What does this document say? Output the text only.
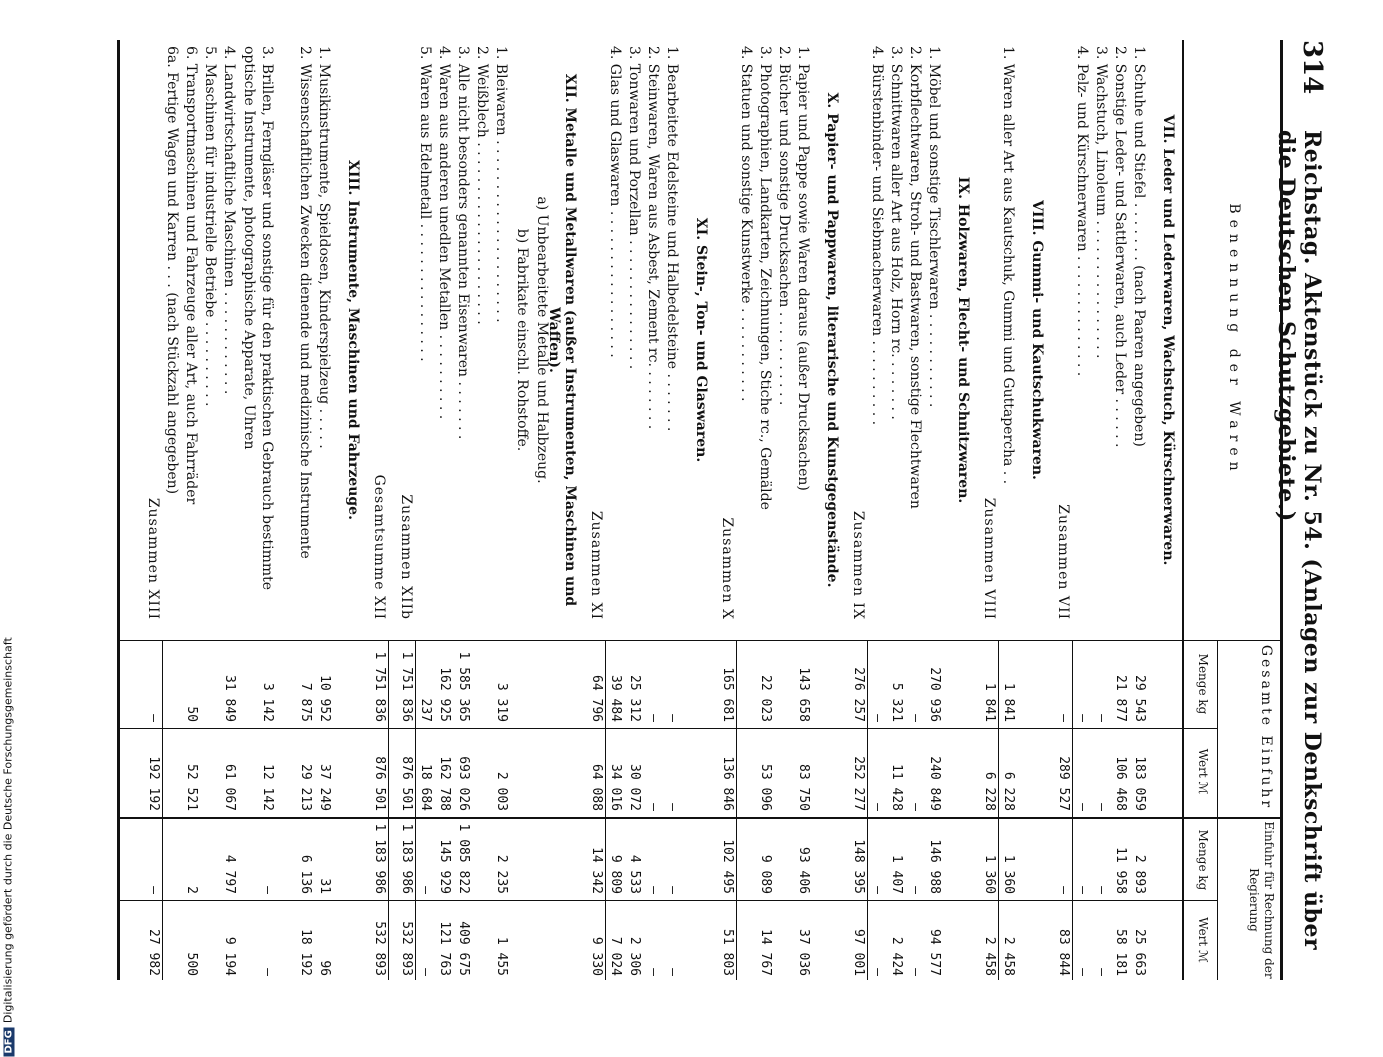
DFGDigitalisierung gefördert durch die Deutsche Forschungsgemeinschaft
314
Reichstag. Aktenstück zu Nr. 54. (Anlagen zur Denkschrift über die Deutschen Schutzgebiete.)
Benennung der Waren
Gesamte Einfuhr
Menge kg
Wert ℳ
Einfuhr für Rechnung der Regierung
Menge kg
Wert ℳ
VII. Leder und Lederwaren, Wachstuch, Kürschnerwaren.
1. Schuhe und Stiefel . . . . . . . (nach Paaren angegeben)
29 543
183 059
2 893
25 663
2. Sonstige Leder- und Sattlerwaren, auch Leder . . . . . .
21 877
106 468
11 958
58 181
3. Wachstuch, Linoleum . . . . . . . . . . . . . . . .
—
—
—
—
4. Pelz- und Kürschnerwaren . . . . . . . . . . . . . .
—
—
—
—
Zusammen VII
—
289 527
—
83 844
VIII. Gummi- und Kautschukwaren.
1. Waren aller Art aus Kautschuk, Gummi und Guttapercha . .
1 841
6 228
1 360
2 458
Zusammen VIII
1 841
6 228
1 360
2 458
IX. Holzwaren, Flecht- und Schnitzwaren.
1. Möbel und sonstige Tischlerwaren . . . . . . . . . . .
270 936
240 849
146 988
94 577
2. Korbflechtwaren, Stroh- und Bastwaren, sonstige Flechtwaren
—
—
—
—
3. Schnittwaren aller Art aus Holz, Horn rc. . . . . . . .
5 321
11 428
1 407
2 424
4. Bürstenbinder- und Siebmacherwaren . . . . . . . . . .
—
—
—
—
Zusammen IX
276 257
252 277
148 395
97 001
X. Papier- und Pappwaren, literarische und Kunstgegenstände.
1. Papier und Pappe sowie Waren daraus (außer Drucksachen)
143 658
83 750
93 406
37 036
2. Bücher und sonstige Drucksachen . . . . . . . . . . .
3. Photographien, Landkarten, Zeichnungen, Stiche rc., Gemälde
22 023
53 096
9 089
14 767
4. Statuen und sonstige Kunstwerke . . . . . . . . . . .
Zusammen X
165 681
136 846
102 495
51 803
XI. Stein-, Ton- und Glaswaren.
1. Bearbeitete Edelsteine und Halbedelsteine . . . . . . .
—
—
—
—
2. Steinwaren, Waren aus Asbest, Zement rc. . . . . . . .
—
—
—
—
3. Tonwaren und Porzellan . . . . . . . . . . . . . . .
25 312
30 072
4 533
2 306
4. Glas und Glaswaren . . . . . . . . . . . . . . . . .
39 484
34 016
9 809
7 024
Zusammen XI
64 796
64 088
14 342
9 330
XII. Metalle und Metallwaren (außer Instrumenten, Maschinen und Waffen).
a) Unbearbeitete Metalle und Halbzeug.
b) Fabrikate einschl. Rohstoffe.
1. Bleiwaren . . . . . . . . . . . . . . . . . . . . .
3 319
2 003
2 235
1 455
2. Weißblech . . . . . . . . . . . . . . . . . . . . .
3. Alle nicht besonders genannten Eisenwaren . . . . . . .
1 585 365
693 026
1 085 822
409 675
4. Waren aus anderen unedlen Metallen . . . . . . . . . .
162 925
162 788
145 929
121 763
5. Waren aus Edelmetall . . . . . . . . . . . . . . . .
237
18 684
—
—
Zusammen XIIb
1 751 836
876 501
1 183 986
532 893
Gesamtsumme XII
1 751 836
876 501
1 183 986
532 893
XIII. Instrumente, Maschinen und Fahrzeuge.
1. Musikinstrumente, Spieldosen, Kinderspielzeug . . . . .
10 952
37 249
31
96
2. Wissenschaftlichen Zwecken dienende und medizinische Instrumente
7 875
29 213
6 136
18 192
3. Brillen, Ferngläser und sonstige für den praktischen Gebrauch bestimmte optische Instrumente, photographische Apparate, Uhren
3 142
12 142
—
—
4. Landwirtschaftliche Maschinen . . . . . . . . . . . .
31 849
61 067
4 797
9 194
5. Maschinen für industrielle Betriebe . . . . . . . . . .
6. Transportmaschinen und Fahrzeuge aller Art, auch Fahrräder
50
52 521
2
500
6a. Fertige Wagen und Karren . . . (nach Stückzahl angegeben)
Zusammen XIII
—
192 192
—
27 982
